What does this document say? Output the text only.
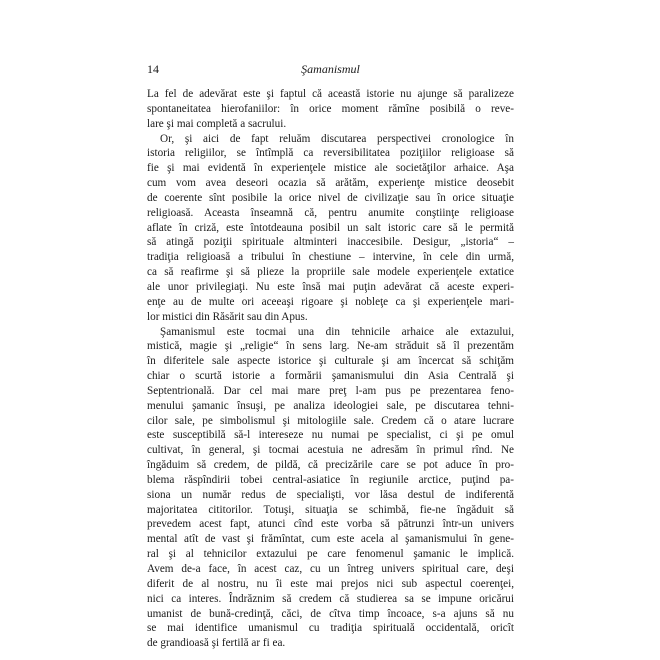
14	Şamanismul
La fel de adevărat este şi faptul că această istorie nu ajunge să paralizeze
spontaneitatea hierofaniilor: în orice moment rămîne posibilă o reve-
lare şi mai completă a sacrului.
Or, şi aici de fapt reluăm discutarea perspectivei cronologice în
istoria religiilor, se întîmplă ca reversibilitatea poziţiilor religioase să
fie şi mai evidentă în experienţele mistice ale societăţilor arhaice. Aşa
cum vom avea deseori ocazia să arătăm, experienţe mistice deosebit
de coerente sînt posibile la orice nivel de civilizaţie sau în orice situaţie
religioasă. Aceasta înseamnă că, pentru anumite conştiinţe religioase
aflate în criză, este întotdeauna posibil un salt istoric care să le permită
să atingă poziţii spirituale altminteri inaccesibile. Desigur, „istoria“ –
tradiţia religioasă a tribului în chestiune – intervine, în cele din urmă,
ca să reafirme şi să plieze la propriile sale modele experienţele extatice
ale unor privilegiaţi. Nu este însă mai puţin adevărat că aceste experi-
enţe au de multe ori aceeaşi rigoare şi nobleţe ca şi experienţele mari-
lor mistici din Răsărit sau din Apus.
Şamanismul este tocmai una din tehnicile arhaice ale extazului,
mistică, magie şi „religie“ în sens larg. Ne-am străduit să îl prezentăm
în diferitele sale aspecte istorice şi culturale şi am încercat să schiţăm
chiar o scurtă istorie a formării şamanismului din Asia Centrală şi
Septentrională. Dar cel mai mare preţ l-am pus pe prezentarea feno-
menului şamanic însuşi, pe analiza ideologiei sale, pe discutarea tehni-
cilor sale, pe simbolismul şi mitologiile sale. Credem că o atare lucrare
este susceptibilă să-l intereseze nu numai pe specialist, ci şi pe omul
cultivat, în general, şi tocmai acestuia ne adresăm în primul rînd. Ne
îngăduim să credem, de pildă, că precizările care se pot aduce în pro-
blema răspîndirii tobei central-asiatice în regiunile arctice, puţind pa-
siona un număr redus de specialişti, vor lăsa destul de indiferentă
majoritatea cititorilor. Totuşi, situaţia se schimbă, fie-ne îngăduit să
prevedem acest fapt, atunci cînd este vorba să pătrunzi într-un univers
mental atît de vast şi frămîntat, cum este acela al şamanismului în gene-
ral şi al tehnicilor extazului pe care fenomenul şamanic le implică.
Avem de-a face, în acest caz, cu un întreg univers spiritual care, deşi
diferit de al nostru, nu îi este mai prejos nici sub aspectul coerenţei,
nici ca interes. Îndrăznim să credem că studierea sa se impune oricărui
umanist de bună-credinţă, căci, de cîtva timp încoace, s-a ajuns să nu
se mai identifice umanismul cu tradiţia spirituală occidentală, oricît
de grandioasă şi fertilă ar fi ea.
